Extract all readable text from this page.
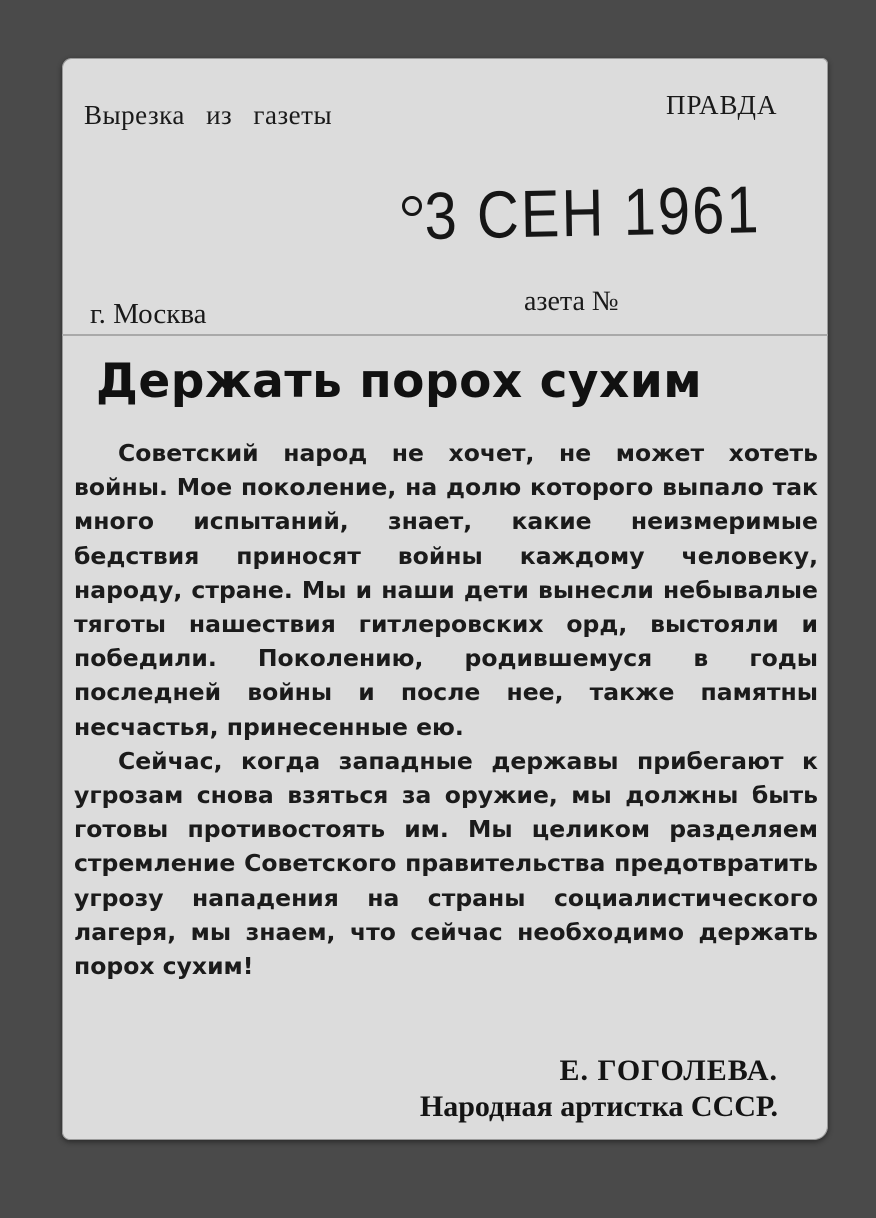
Вырезка из газеты	ПРАВДА
3 СЕН 1961
г. Москва	азета №
Держать порох сухим

Советский народ не хочет, не может хотеть войны. Мое поколение, на долю которого выпало так много испытаний, знает, какие неизмеримые бедствия приносят войны каждому человеку, народу, стране. Мы и наши дети вынесли небывалые тяготы нашествия гитлеровских орд, выстояли и победили. Поколению, родившемуся в годы последней войны и после нее, также памятны несчастья, принесенные ею.

Сейчас, когда западные державы прибегают к угрозам снова взяться за оружие, мы должны быть готовы противостоять им. Мы целиком разделяем стремление Советского правительства предотвратить угрозу нападения на страны социалистического лагеря, мы знаем, что сейчас необходимо держать порох сухим!

Е. ГОГОЛЕВА.
Народная артистка СССР.
